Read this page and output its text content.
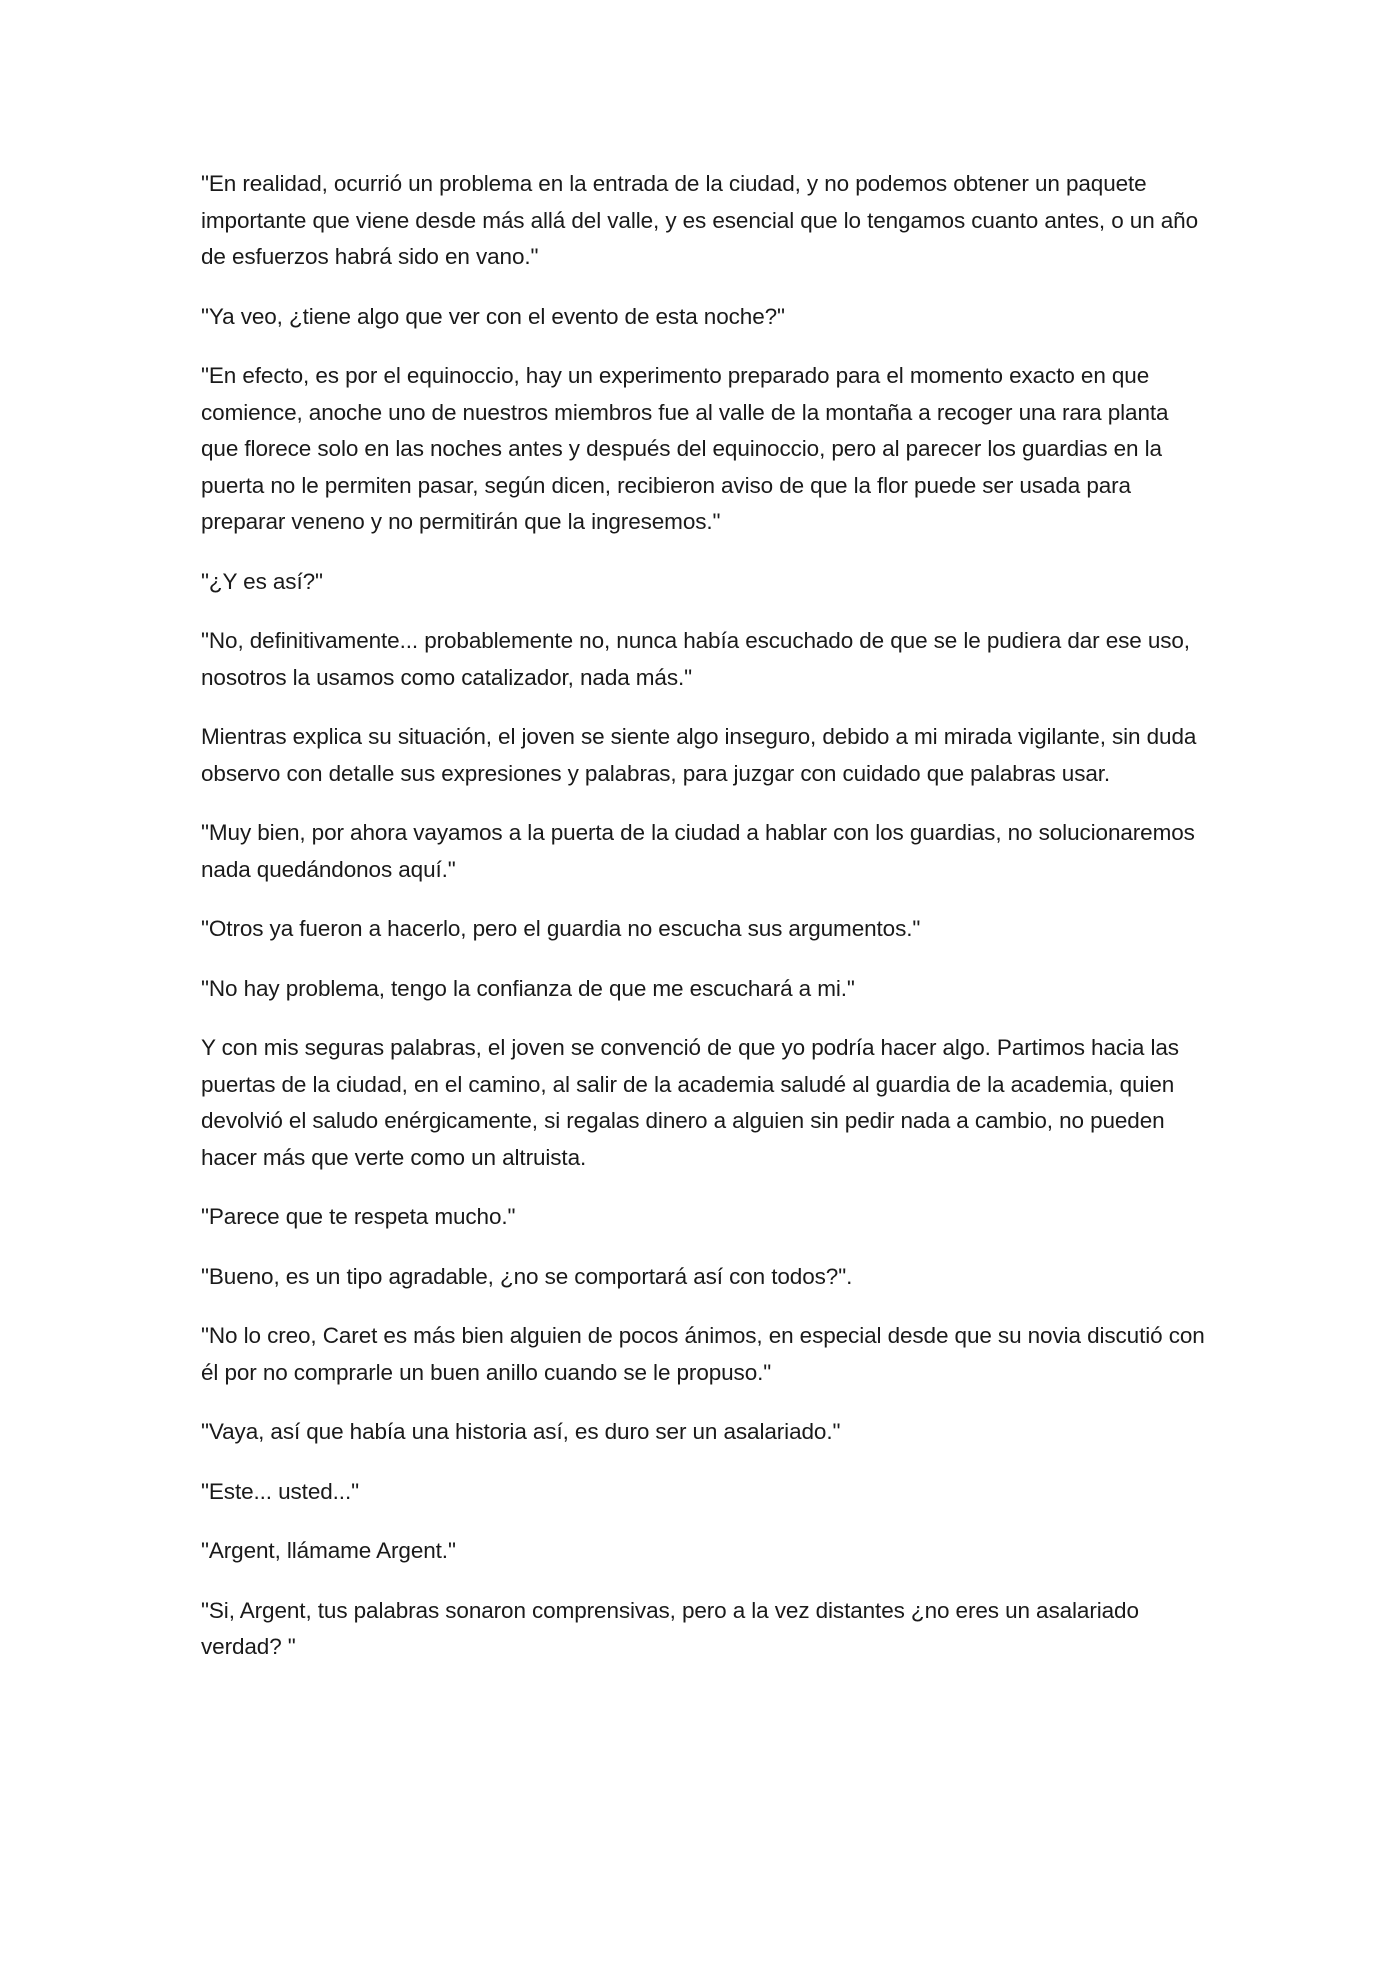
"En realidad, ocurrió un problema en la entrada de la ciudad, y no podemos obtener un paquete importante que viene desde más allá del valle, y es esencial que lo tengamos cuanto antes, o un año de esfuerzos habrá sido en vano."

"Ya veo, ¿tiene algo que ver con el evento de esta noche?"

"En efecto, es por el equinoccio, hay un experimento preparado para el momento exacto en que comience, anoche uno de nuestros miembros fue al valle de la montaña a recoger una rara planta que florece solo en las noches antes y después del equinoccio, pero al parecer los guardias en la puerta no le permiten pasar, según dicen, recibieron aviso de que la flor puede ser usada para preparar veneno y no permitirán que la ingresemos."

"¿Y es así?"

"No, definitivamente... probablemente no, nunca había escuchado de que se le pudiera dar ese uso, nosotros la usamos como catalizador, nada más."

Mientras explica su situación, el joven se siente algo inseguro, debido a mi mirada vigilante, sin duda observo con detalle sus expresiones y palabras, para juzgar con cuidado que palabras usar.

"Muy bien, por ahora vayamos a la puerta de la ciudad a hablar con los guardias, no solucionaremos nada quedándonos aquí."

"Otros ya fueron a hacerlo, pero el guardia no escucha sus argumentos."

"No hay problema, tengo la confianza de que me escuchará a mi."

Y con mis seguras palabras, el joven se convenció de que yo podría hacer algo. Partimos hacia las puertas de la ciudad, en el camino, al salir de la academia saludé al guardia de la academia, quien devolvió el saludo enérgicamente, si regalas dinero a alguien sin pedir nada a cambio, no pueden hacer más que verte como un altruista.

"Parece que te respeta mucho."

"Bueno, es un tipo agradable, ¿no se comportará así con todos?".

"No lo creo, Caret es más bien alguien de pocos ánimos, en especial desde que su novia discutió con él por no comprarle un buen anillo cuando se le propuso."

"Vaya, así que había una historia así, es duro ser un asalariado."

"Este... usted..."

"Argent, llámame Argent."

"Si, Argent, tus palabras sonaron comprensivas, pero a la vez distantes ¿no eres un asalariado verdad? "
